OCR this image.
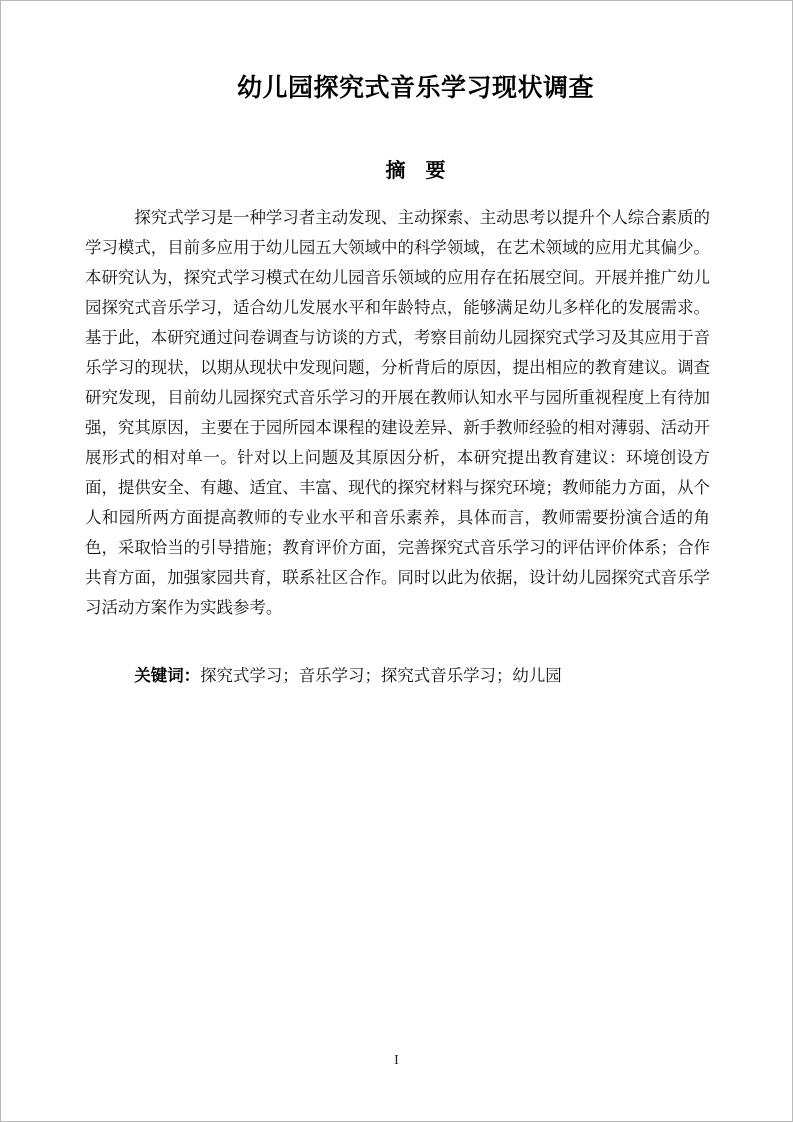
幼儿园探究式音乐学习现状调查
摘　要

探究式学习是一种学习者主动发现、主动探索、主动思考以提升个人综合素质的学习模式，目前多应用于幼儿园五大领域中的科学领域，在艺术领域的应用尤其偏少。本研究认为，探究式学习模式在幼儿园音乐领域的应用存在拓展空间。开展并推广幼儿园探究式音乐学习，适合幼儿发展水平和年龄特点，能够满足幼儿多样化的发展需求。基于此，本研究通过问卷调查与访谈的方式，考察目前幼儿园探究式学习及其应用于音乐学习的现状，以期从现状中发现问题，分析背后的原因，提出相应的教育建议。调查研究发现，目前幼儿园探究式音乐学习的开展在教师认知水平与园所重视程度上有待加强，究其原因，主要在于园所园本课程的建设差异、新手教师经验的相对薄弱、活动开展形式的相对单一。针对以上问题及其原因分析，本研究提出教育建议：环境创设方面，提供安全、有趣、适宜、丰富、现代的探究材料与探究环境；教师能力方面，从个人和园所两方面提高教师的专业水平和音乐素养，具体而言，教师需要扮演合适的角色，采取恰当的引导措施；教育评价方面，完善探究式音乐学习的评估评价体系；合作共育方面，加强家园共育，联系社区合作。同时以此为依据，设计幼儿园探究式音乐学习活动方案作为实践参考。

关键词：探究式学习；音乐学习；探究式音乐学习；幼儿园

I
